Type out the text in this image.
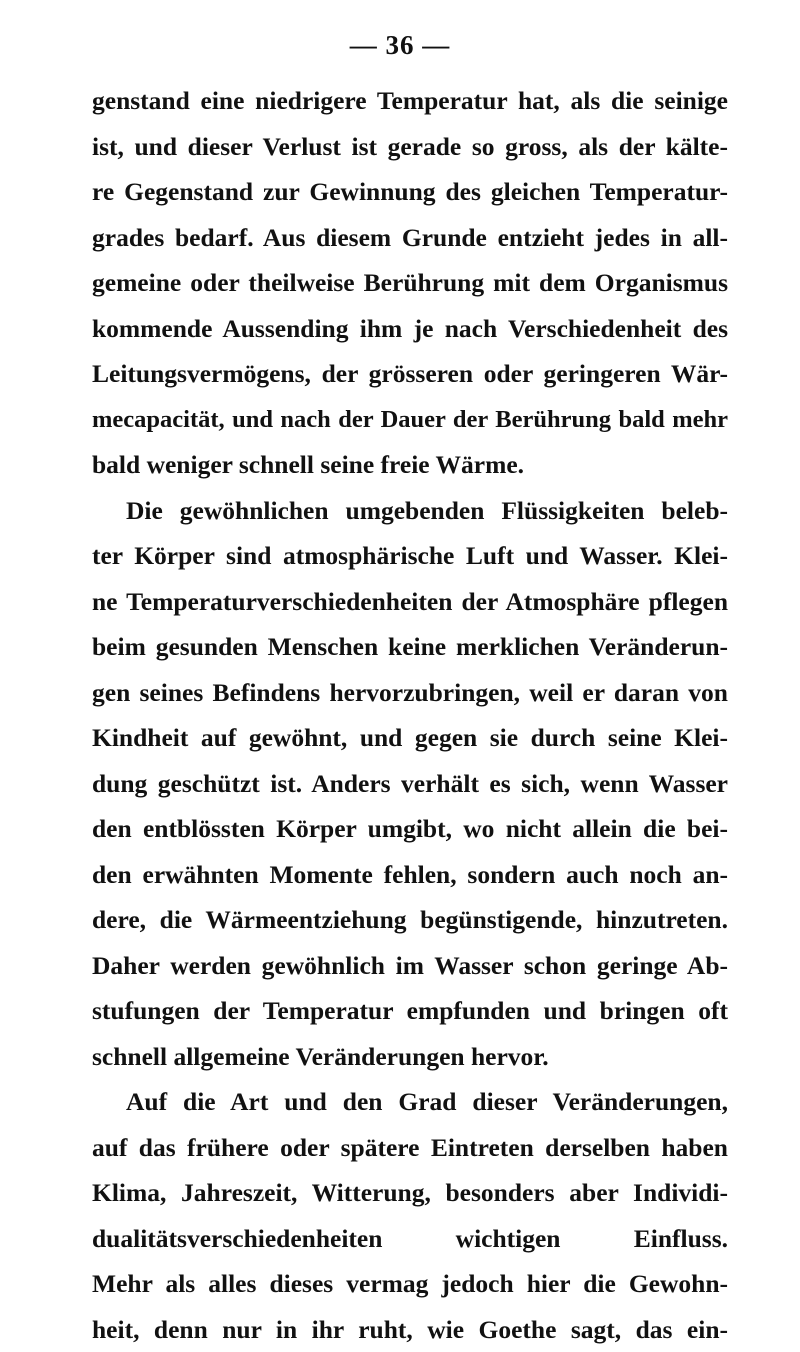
— 36 —
genstand eine niedrigere Temperatur hat, als die seinige
ist, und dieser Verlust ist gerade so gross, als der kälte-
re Gegenstand zur Gewinnung des gleichen Temperatur-
grades bedarf. Aus diesem Grunde entzieht jedes in all-
gemeine oder theilweise Berührung mit dem Organismus
kommende Aussending ihm je nach Verschiedenheit des
Leitungsvermögens, der grösseren oder geringeren Wär-
mecapacität, und nach der Dauer der Berührung bald mehr
bald weniger schnell seine freie Wärme.
Die gewöhnlichen umgebenden Flüssigkeiten beleb-
ter Körper sind atmosphärische Luft und Wasser. Klei-
ne Temperaturverschiedenheiten der Atmosphäre pflegen
beim gesunden Menschen keine merklichen Veränderun-
gen seines Befindens hervorzubringen, weil er daran von
Kindheit auf gewöhnt, und gegen sie durch seine Klei-
dung geschützt ist. Anders verhält es sich, wenn Wasser
den entblössten Körper umgibt, wo nicht allein die bei-
den erwähnten Momente fehlen, sondern auch noch an-
dere, die Wärmeentziehung begünstigende, hinzutreten.
Daher werden gewöhnlich im Wasser schon geringe Ab-
stufungen der Temperatur empfunden und bringen oft
schnell allgemeine Veränderungen hervor.
Auf die Art und den Grad dieser Veränderungen,
auf das frühere oder spätere Eintreten derselben haben
Klima, Jahreszeit, Witterung, besonders aber Individi-
dualitätsverschiedenheiten wichtigen Einfluss.
Mehr als alles dieses vermag jedoch hier die Gewohn-
heit, denn nur in ihr ruht, wie Goethe sagt, das ein-
